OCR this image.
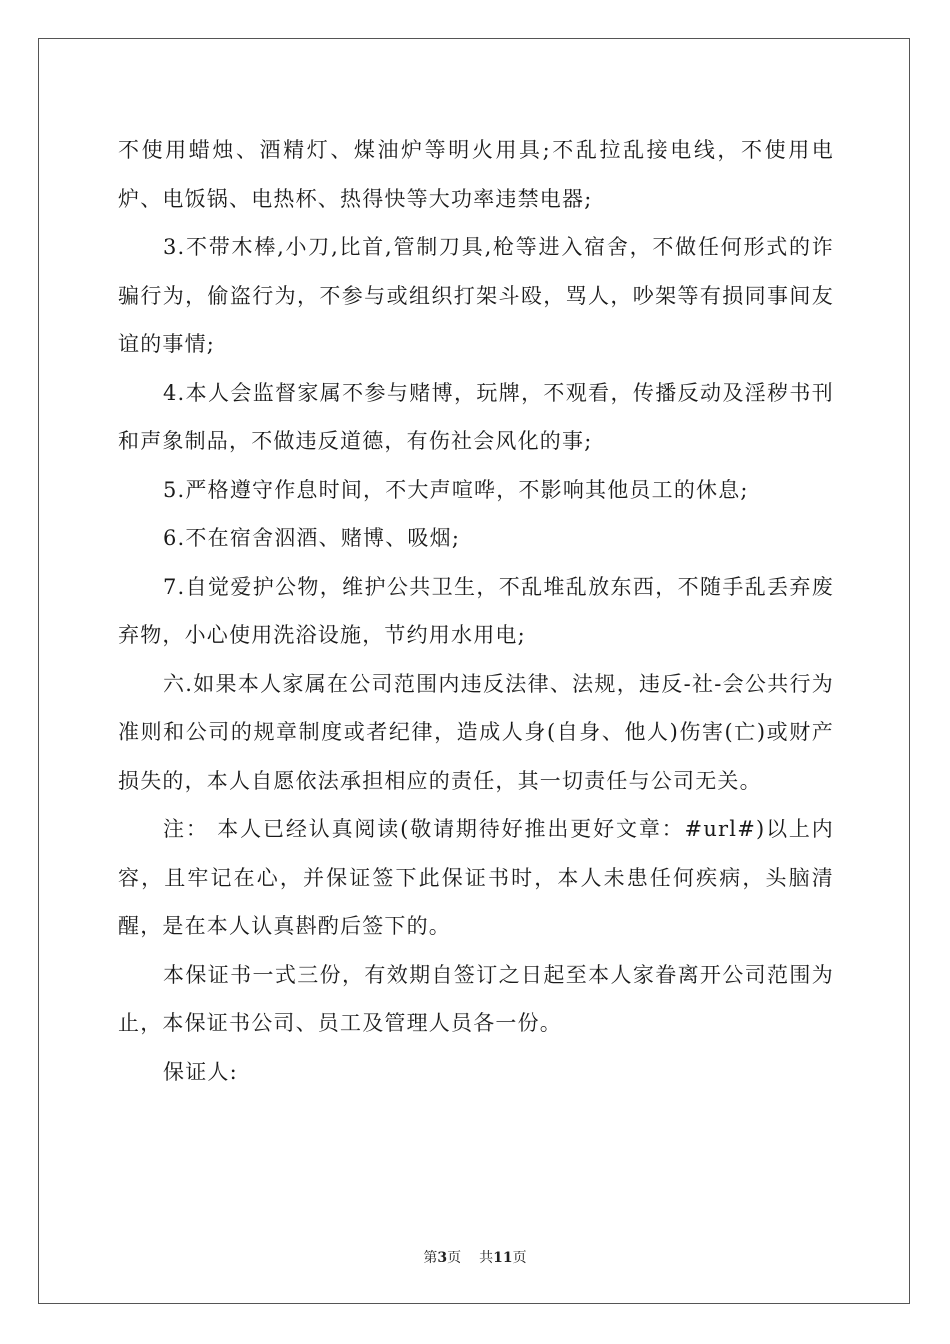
不使用蜡烛、酒精灯、煤油炉等明火用具;不乱拉乱接电线，不使用电炉、电饭锅、电热杯、热得快等大功率违禁电器;

3.不带木棒,小刀,比首,管制刀具,枪等进入宿舍，不做任何形式的诈骗行为，偷盗行为，不参与或组织打架斗殴，骂人，吵架等有损同事间友谊的事情;

4.本人会监督家属不参与赌博，玩牌，不观看，传播反动及淫秽书刊和声象制品，不做违反道德，有伤社会风化的事;

5.严格遵守作息时间，不大声喧哗，不影响其他员工的休息;

6.不在宿舍泅酒、赌博、吸烟;

7.自觉爱护公物，维护公共卫生，不乱堆乱放东西，不随手乱丢弃废弃物，小心使用洗浴设施，节约用水用电;

六.如果本人家属在公司范围内违反法律、法规，违反-社-会公共行为准则和公司的规章制度或者纪律，造成人身(自身、他人)伤害(亡)或财产损失的，本人自愿依法承担相应的责任，其一切责任与公司无关。

注： 本人已经认真阅读(敬请期待好推出更好文章：#url#)以上内容，且牢记在心，并保证签下此保证书时，本人未患任何疾病，头脑清醒，是在本人认真斟酌后签下的。

本保证书一式三份，有效期自签订之日起至本人家眷离开公司范围为止，本保证书公司、员工及管理人员各一份。

保证人:

第3页 共11页
